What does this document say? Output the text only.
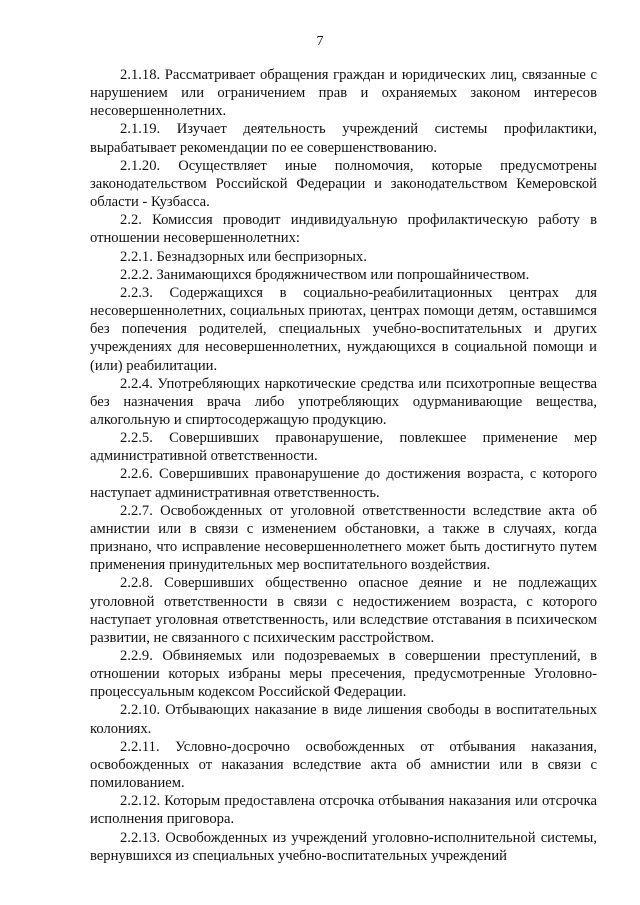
7

2.1.18. Рассматривает обращения граждан и юридических лиц, связанные с нарушением или ограничением прав и охраняемых законом интересов несовершеннолетних.

2.1.19. Изучает деятельность учреждений системы профилактики, вырабатывает рекомендации по ее совершенствованию.

2.1.20. Осуществляет иные полномочия, которые предусмотрены законодательством Российской Федерации и законодательством Кемеровской области - Кузбасса.

2.2. Комиссия проводит индивидуальную профилактическую работу в отношении несовершеннолетних:

2.2.1. Безнадзорных или беспризорных.

2.2.2. Занимающихся бродяжничеством или попрошайничеством.

2.2.3. Содержащихся в социально-реабилитационных центрах для несовершеннолетних, социальных приютах, центрах помощи детям, оставшимся без попечения родителей, специальных учебно-воспитательных и других учреждениях для несовершеннолетних, нуждающихся в социальной помощи и (или) реабилитации.

2.2.4. Употребляющих наркотические средства или психотропные вещества без назначения врача либо употребляющих одурманивающие вещества, алкогольную и спиртосодержащую продукцию.

2.2.5. Совершивших правонарушение, повлекшее применение мер административной ответственности.

2.2.6. Совершивших правонарушение до достижения возраста, с которого наступает административная ответственность.

2.2.7. Освобожденных от уголовной ответственности вследствие акта об амнистии или в связи с изменением обстановки, а также в случаях, когда признано, что исправление несовершеннолетнего может быть достигнуто путем применения принудительных мер воспитательного воздействия.

2.2.8. Совершивших общественно опасное деяние и не подлежащих уголовной ответственности в связи с недостижением возраста, с которого наступает уголовная ответственность, или вследствие отставания в психическом развитии, не связанного с психическим расстройством.

2.2.9. Обвиняемых или подозреваемых в совершении преступлений, в отношении которых избраны меры пресечения, предусмотренные Уголовно-процессуальным кодексом Российской Федерации.

2.2.10. Отбывающих наказание в виде лишения свободы в воспитательных колониях.

2.2.11. Условно-досрочно освобожденных от отбывания наказания, освобожденных от наказания вследствие акта об амнистии или в связи с помилованием.

2.2.12. Которым предоставлена отсрочка отбывания наказания или отсрочка исполнения приговора.

2.2.13. Освобожденных из учреждений уголовно-исполнительной системы, вернувшихся из специальных учебно-воспитательных учреждений
